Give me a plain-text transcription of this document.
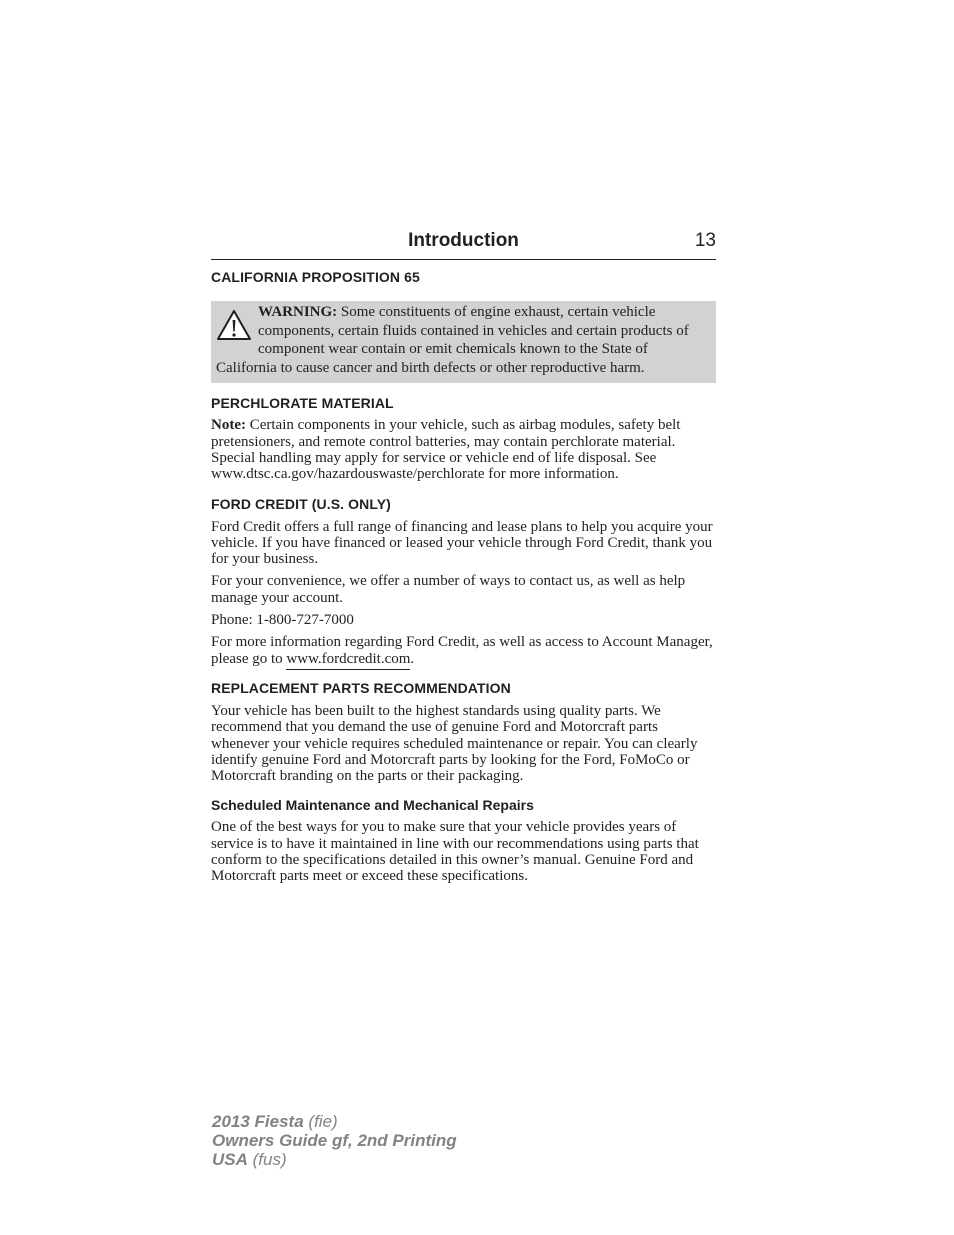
Introduction	13
CALIFORNIA PROPOSITION 65

WARNING: Some constituents of engine exhaust, certain vehicle components, certain fluids contained in vehicles and certain products of component wear contain or emit chemicals known to the State of California to cause cancer and birth defects or other reproductive harm.

PERCHLORATE MATERIAL

Note: Certain components in your vehicle, such as airbag modules, safety belt pretensioners, and remote control batteries, may contain perchlorate material. Special handling may apply for service or vehicle end of life disposal. See www.dtsc.ca.gov/hazardouswaste/perchlorate for more information.

FORD CREDIT (U.S. ONLY)

Ford Credit offers a full range of financing and lease plans to help you acquire your vehicle. If you have financed or leased your vehicle through Ford Credit, thank you for your business.

For your convenience, we offer a number of ways to contact us, as well as help manage your account.

Phone: 1-800-727-7000

For more information regarding Ford Credit, as well as access to Account Manager, please go to www.fordcredit.com.

REPLACEMENT PARTS RECOMMENDATION

Your vehicle has been built to the highest standards using quality parts. We recommend that you demand the use of genuine Ford and Motorcraft parts whenever your vehicle requires scheduled maintenance or repair. You can clearly identify genuine Ford and Motorcraft parts by looking for the Ford, FoMoCo or Motorcraft branding on the parts or their packaging.

Scheduled Maintenance and Mechanical Repairs

One of the best ways for you to make sure that your vehicle provides years of service is to have it maintained in line with our recommendations using parts that conform to the specifications detailed in this owner’s manual. Genuine Ford and Motorcraft parts meet or exceed these specifications.

2013 Fiesta (fie)
Owners Guide gf, 2nd Printing
USA (fus)
